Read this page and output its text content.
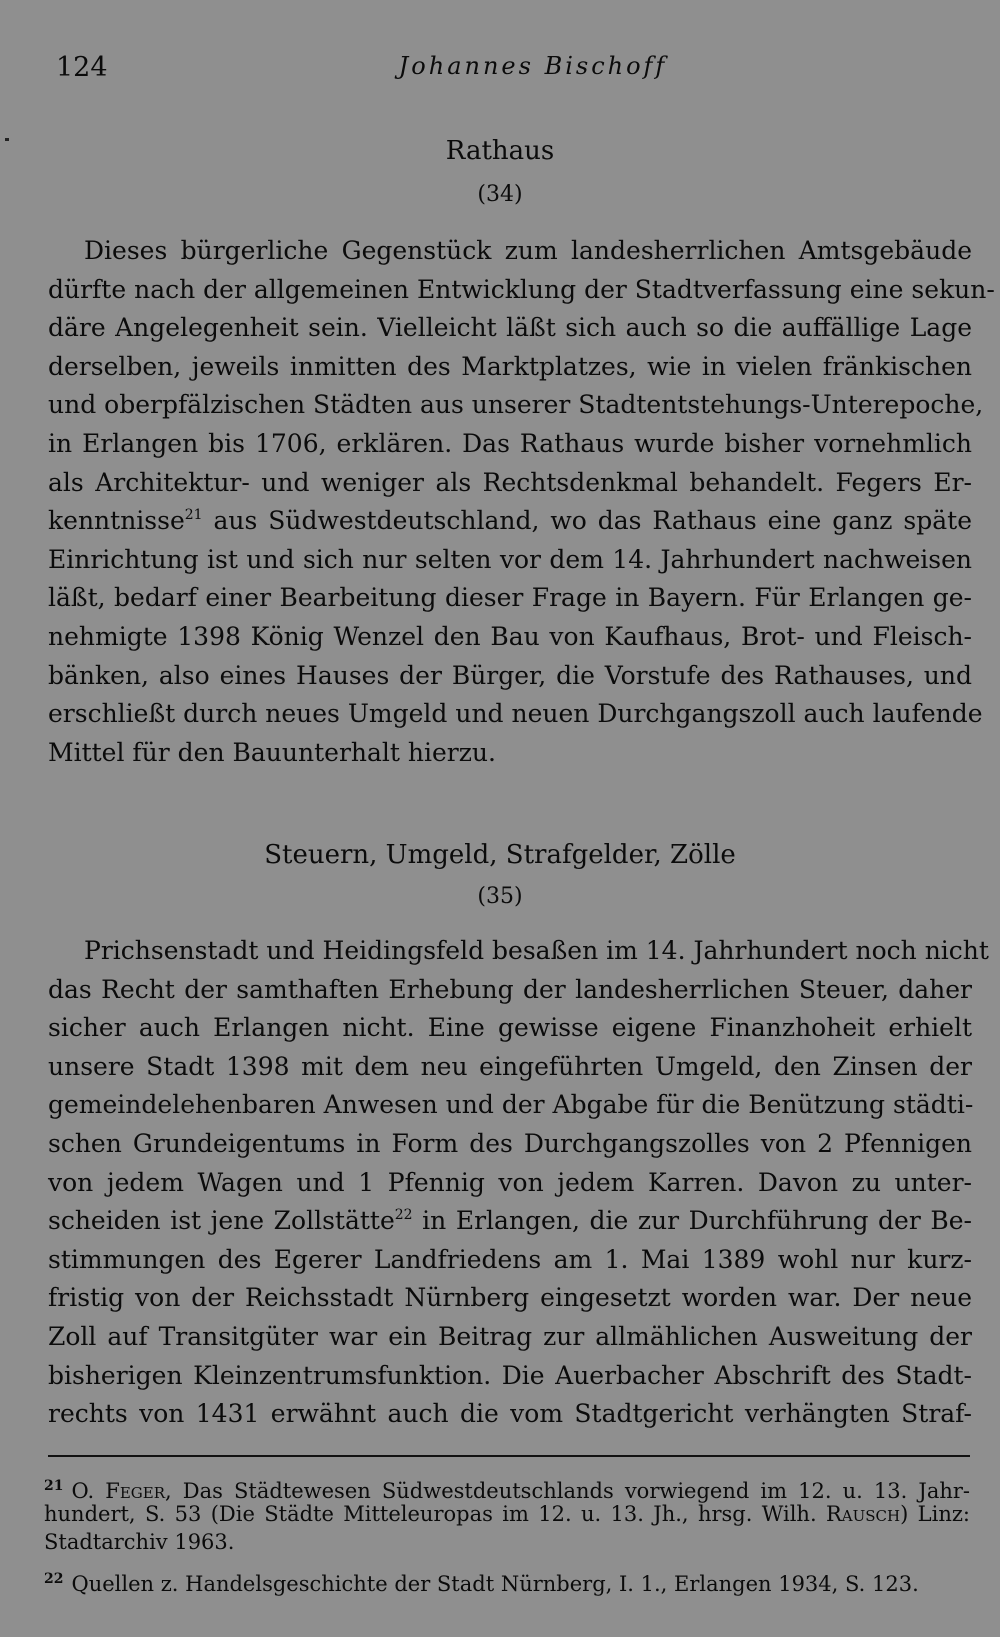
124	Johannes Bischoff
Rathaus
(34)
Dieses bürgerliche Gegenstück zum landesherrlichen Amtsgebäude
dürfte nach der allgemeinen Entwicklung der Stadtverfassung eine sekun-
däre Angelegenheit sein. Vielleicht läßt sich auch so die auffällige Lage
derselben, jeweils inmitten des Marktplatzes, wie in vielen fränkischen
und oberpfälzischen Städten aus unserer Stadtentstehungs-Unterepoche,
in Erlangen bis 1706, erklären. Das Rathaus wurde bisher vornehmlich
als Architektur- und weniger als Rechtsdenkmal behandelt. Fegers Er-
kenntnisse$^{21}$ aus Südwestdeutschland, wo das Rathaus eine ganz späte
Einrichtung ist und sich nur selten vor dem 14. Jahrhundert nachweisen
läßt, bedarf einer Bearbeitung dieser Frage in Bayern. Für Erlangen ge-
nehmigte 1398 König Wenzel den Bau von Kaufhaus, Brot- und Fleisch-
bänken, also eines Hauses der Bürger, die Vorstufe des Rathauses, und
erschließt durch neues Umgeld und neuen Durchgangszoll auch laufende
Mittel für den Bauunterhalt hierzu.
Steuern, Umgeld, Strafgelder, Zölle
(35)
Prichsenstadt und Heidingsfeld besaßen im 14. Jahrhundert noch nicht
das Recht der samthaften Erhebung der landesherrlichen Steuer, daher
sicher auch Erlangen nicht. Eine gewisse eigene Finanzhoheit erhielt
unsere Stadt 1398 mit dem neu eingeführten Umgeld, den Zinsen der
gemeindelehenbaren Anwesen und der Abgabe für die Benützung städti-
schen Grundeigentums in Form des Durchgangszolles von 2 Pfennigen
von jedem Wagen und 1 Pfennig von jedem Karren. Davon zu unter-
scheiden ist jene Zollstätte$^{22}$ in Erlangen, die zur Durchführung der Be-
stimmungen des Egerer Landfriedens am 1. Mai 1389 wohl nur kurz-
fristig von der Reichsstadt Nürnberg eingesetzt worden war. Der neue
Zoll auf Transitgüter war ein Beitrag zur allmählichen Ausweitung der
bisherigen Kleinzentrumsfunktion. Die Auerbacher Abschrift des Stadt-
rechts von 1431 erwähnt auch die vom Stadtgericht verhängten Straf-
$^{21}$ O. Feger, Das Städtewesen Südwestdeutschlands vorwiegend im 12. u. 13. Jahr-
hundert, S. 53 (Die Städte Mitteleuropas im 12. u. 13. Jh., hrsg. Wilh. Rausch) Linz:
Stadtarchiv 1963.
$^{22}$ Quellen z. Handelsgeschichte der Stadt Nürnberg, I. 1., Erlangen 1934, S. 123.
